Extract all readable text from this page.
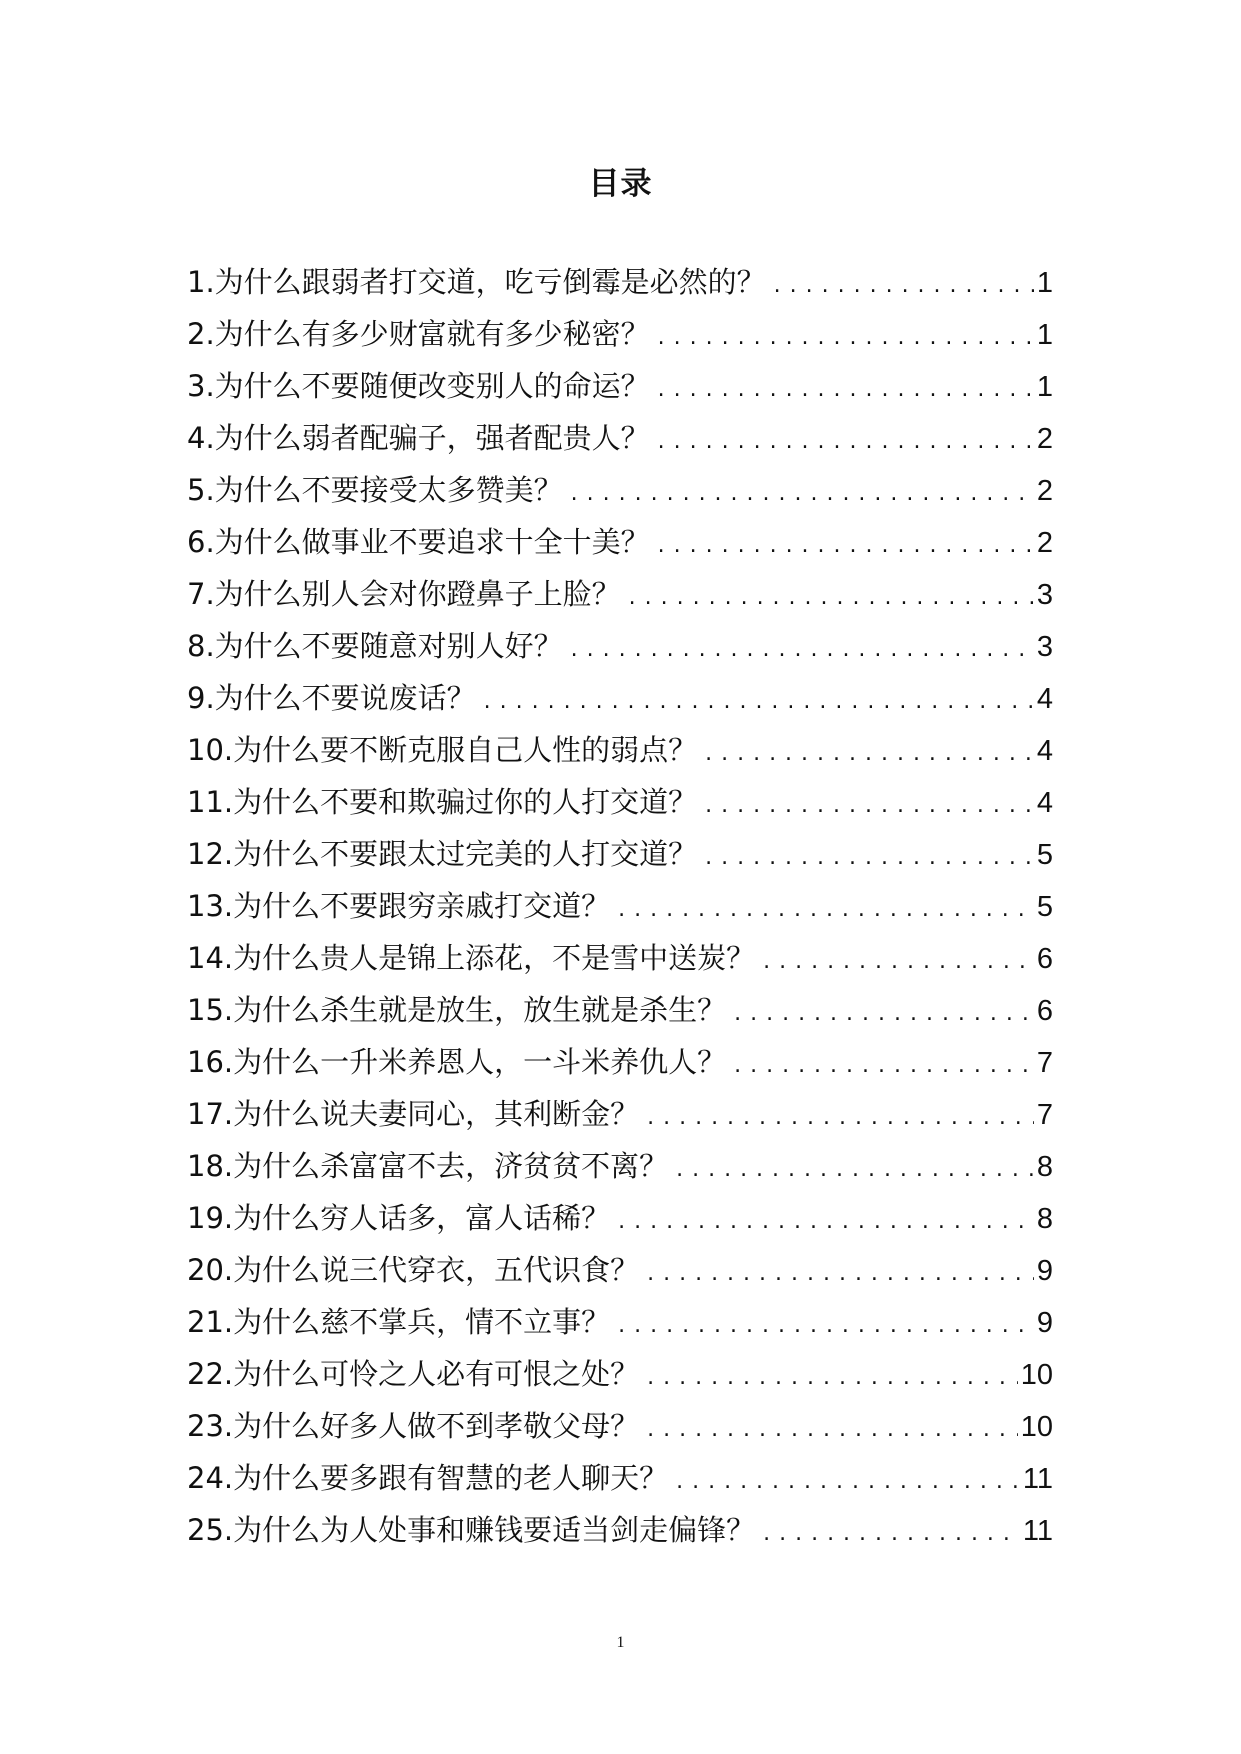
目录
1.为什么跟弱者打交道，吃亏倒霉是必然的？ . . .	1
2.为什么有多少财富就有多少秘密？ . . .	1
3.为什么不要随便改变别人的命运？ . . .	1
4.为什么弱者配骗子，强者配贵人？ . . .	2
5.为什么不要接受太多赞美？ . . .	2
6.为什么做事业不要追求十全十美？ . . .	2
7.为什么别人会对你蹬鼻子上脸？ . . .	3
8.为什么不要随意对别人好？ . . .	3
9.为什么不要说废话？ . . .	4
10.为什么要不断克服自己人性的弱点？ . . .	4
11.为什么不要和欺骗过你的人打交道？ . . .	4
12.为什么不要跟太过完美的人打交道？ . . .	5
13.为什么不要跟穷亲戚打交道？ . . .	5
14.为什么贵人是锦上添花，不是雪中送炭？ . . .	6
15.为什么杀生就是放生，放生就是杀生？ . . .	6
16.为什么一升米养恩人，一斗米养仇人？ . . .	7
17.为什么说夫妻同心，其利断金？ . . .	7
18.为什么杀富富不去，济贫贫不离？ . . .	8
19.为什么穷人话多，富人话稀？ . . .	8
20.为什么说三代穿衣，五代识食？ . . .	9
21.为什么慈不掌兵，情不立事？ . . .	9
22.为什么可怜之人必有可恨之处？ . . .	10
23.为什么好多人做不到孝敬父母？ . . .	10
24.为什么要多跟有智慧的老人聊天？ . . .	11
25.为什么为人处事和赚钱要适当剑走偏锋？ . . .	11
1
